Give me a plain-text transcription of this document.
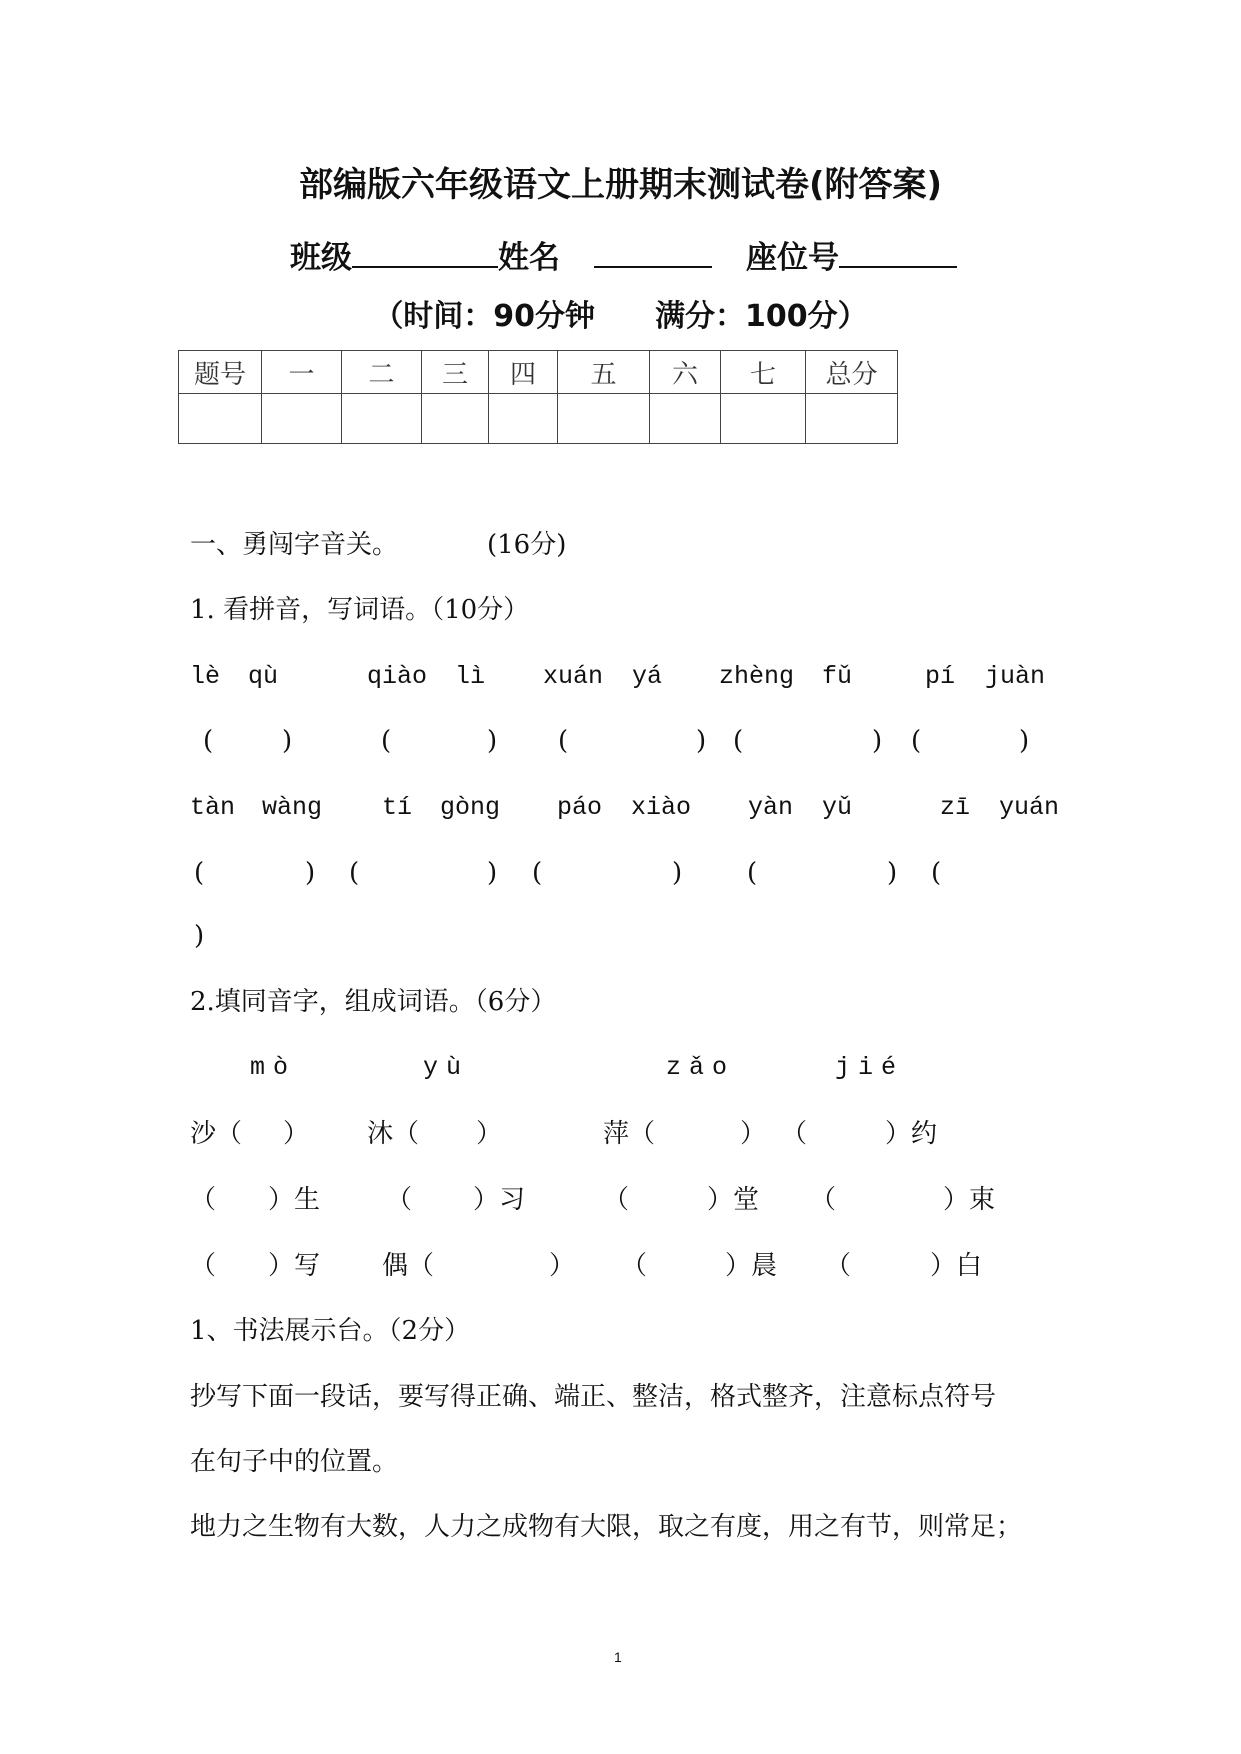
部编版六年级语文上册期末测试卷(附答案)
班级	姓名	座位号
（时间：90分钟 满分：100分）
题号	一	二	三	四	五	六	七	总分

一、勇闯字音关。	(16分)
1. 看拼音，写词语。（10分）
lè qù	qiào lì xuán yá zhèng fǔ	pí juàn
(	)	(	) (	) (	) (	)
tàn wàng tí gòng páo xiào yàn yǔ	zī yuán
(	) (	) (	) (	) (
)
2.填同音字，组成词语。（6分）
mò	yù	zǎo	jié
沙（ ） 沐（ ）	萍（	） （	）约
（ ）生	（ ）习	（	）堂 （	）束
（ ）写 偶（	） （	）晨 （	）白
1、书法展示台。（2分）
抄写下面一段话，要写得正确、端正、整洁，格式整齐，注意标点符号
在句子中的位置。
地力之生物有大数，人力之成物有大限，取之有度，用之有节，则常足；
1
